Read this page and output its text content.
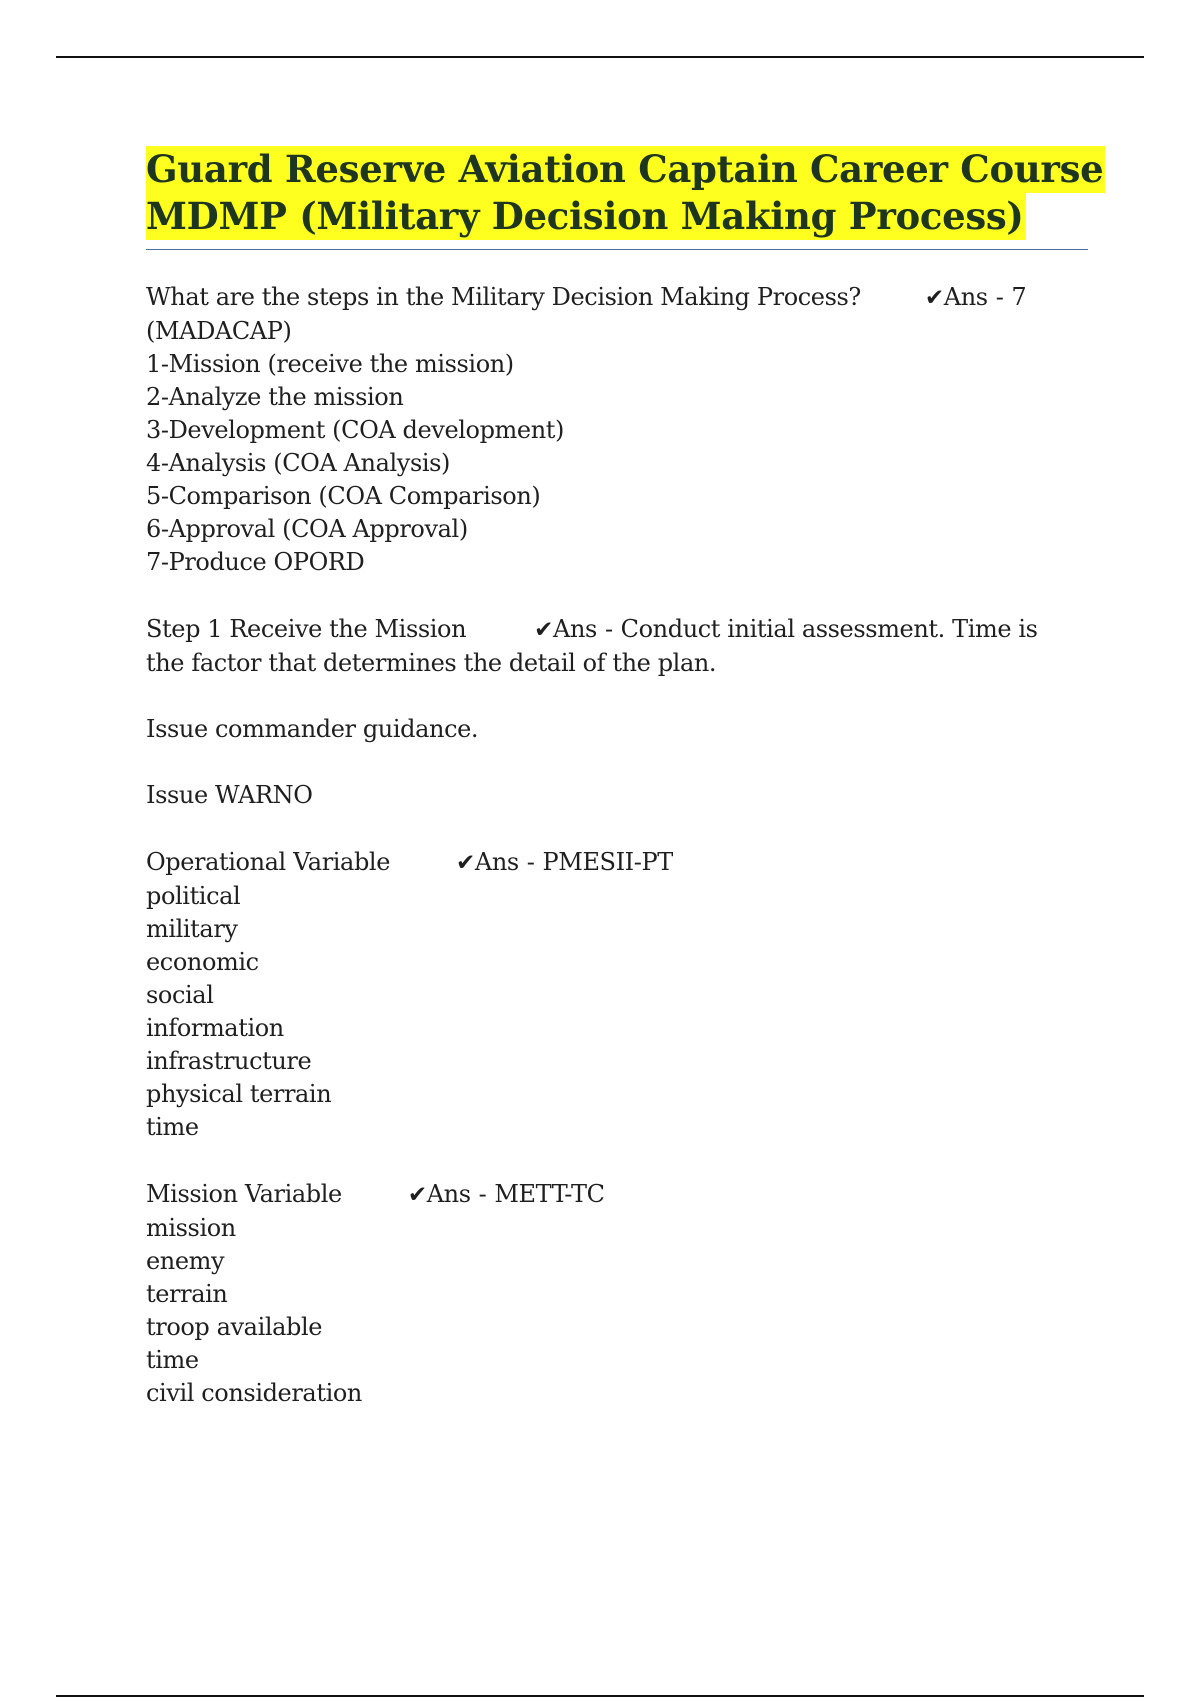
Guard Reserve Aviation Captain Career Course
MDMP (Military Decision Making Process)
What are the steps in the Military Decision Making Process?	✔Ans - 7
(MADACAP)
1-Mission (receive the mission)
2-Analyze the mission
3-Development (COA development)
4-Analysis (COA Analysis)
5-Comparison (COA Comparison)
6-Approval (COA Approval)
7-Produce OPORD
Step 1 Receive the Mission	✔Ans - Conduct initial assessment. Time is
the factor that determines the detail of the plan.
Issue commander guidance.
Issue WARNO
Operational Variable	✔Ans - PMESII-PT
political
military
economic
social
information
infrastructure
physical terrain
time
Mission Variable	✔Ans - METT-TC
mission
enemy
terrain
troop available
time
civil consideration
